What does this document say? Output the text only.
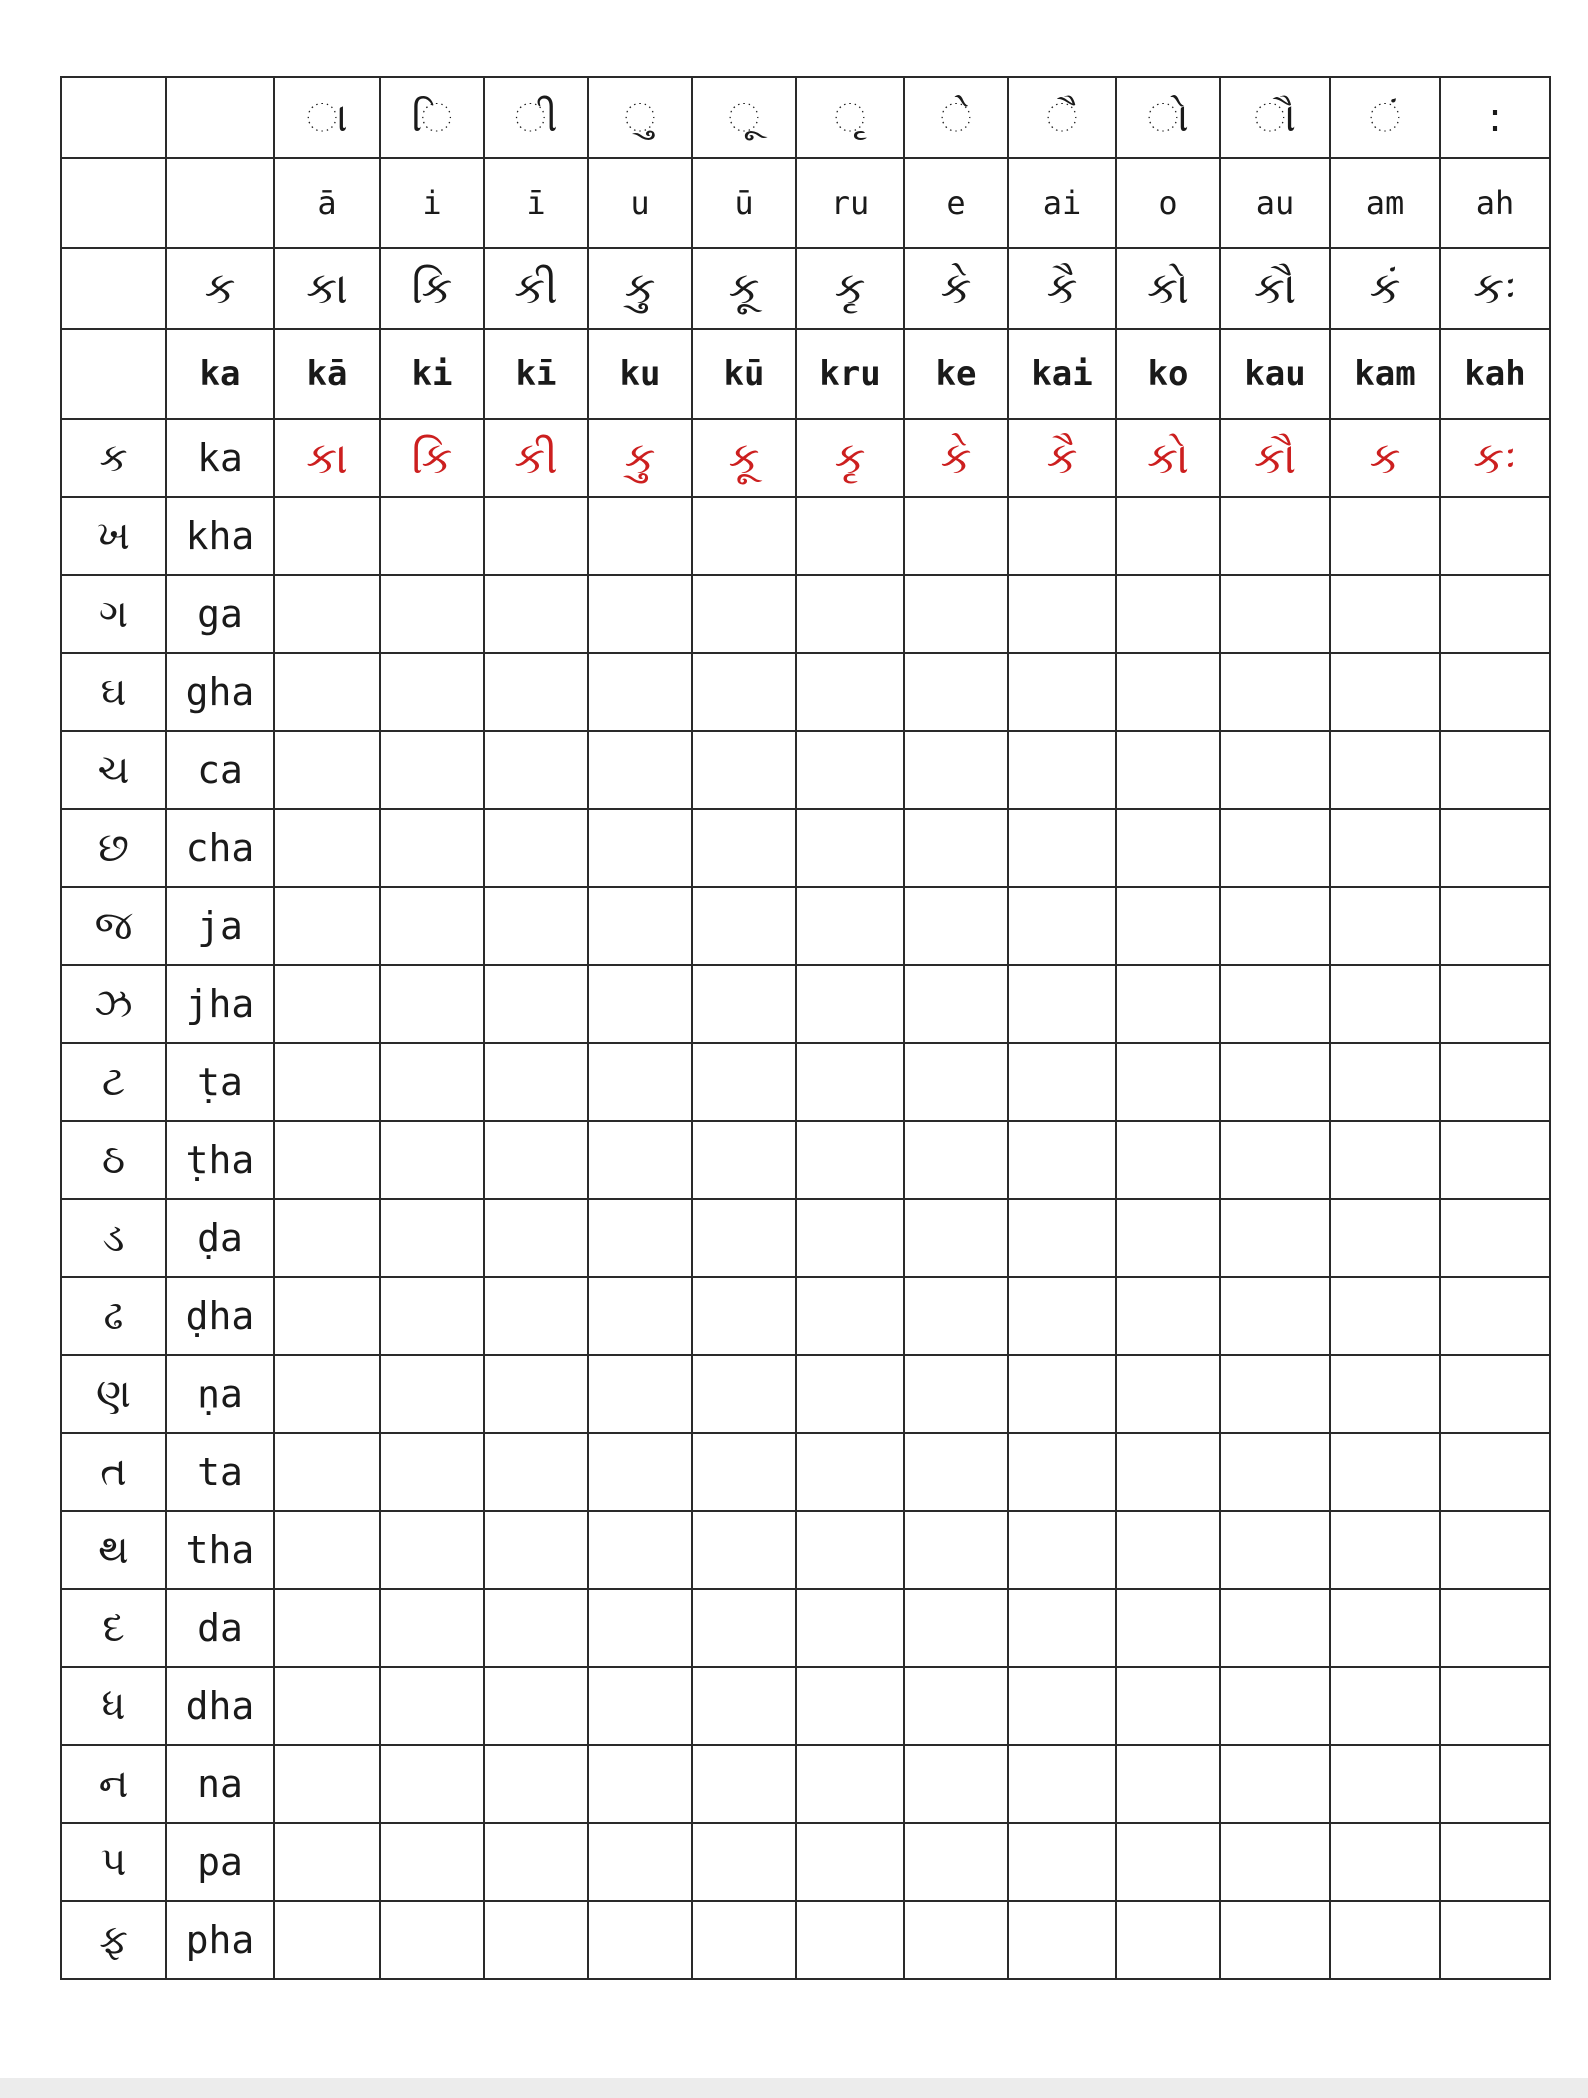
		ા	િ	ી	ુ	ૂ	ૃ	ે	ૈ	ો	ૌ	ં	:
		ā	i	ī	u	ū	ru	e	ai	o	au	am	ah
	ક	કા	કિ	કી	કુ	કૂ	કૃ	કે	કૈ	કો	કૌ	કં	કઃ
	ka	kā	ki	kī	ku	kū	kru	ke	kai	ko	kau	kam	kah
ક	ka	કા	કિ	કી	કુ	કૂ	કૃ	કે	કૈ	કો	કૌ	ક	કઃ
ખ	kha												
ગ	ga												
ઘ	gha												
ચ	ca												
છ	cha												
જ	ja												
ઝ	jha												
ટ	ṭa												
ઠ	ṭha												
ડ	ḍa												
ઢ	ḍha												
ણ	ṇa												
ત	ta												
થ	tha												
દ	da												
ધ	dha												
ન	na												
પ	pa												
ફ	pha												
